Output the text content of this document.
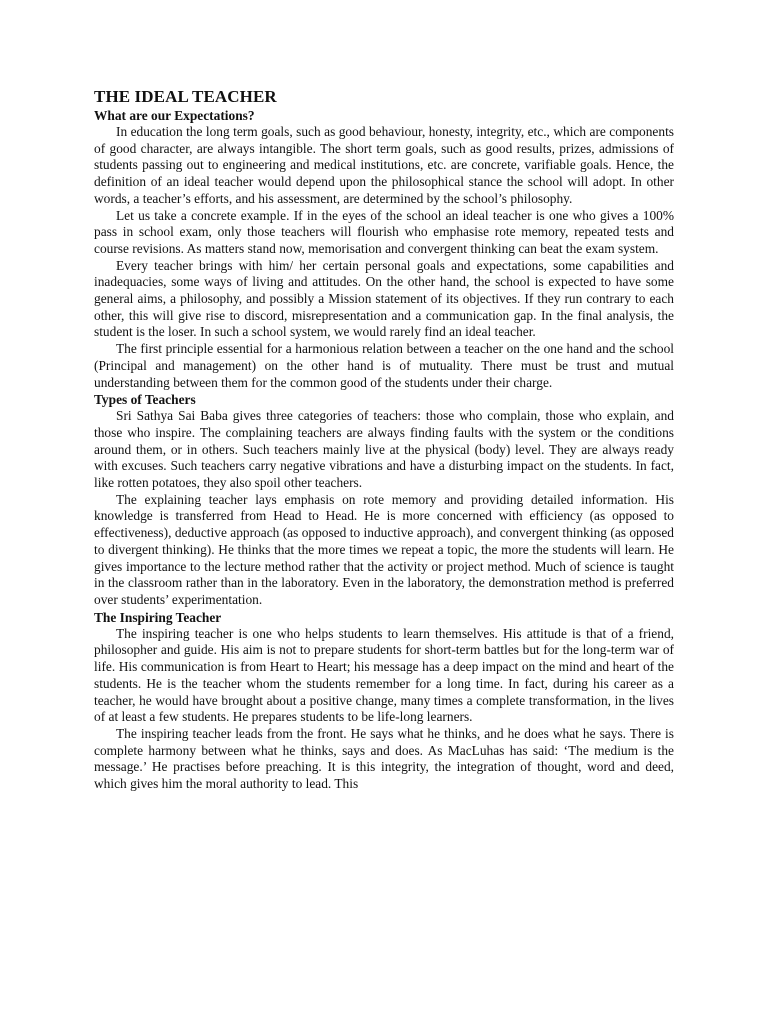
THE IDEAL TEACHER
What are our Expectations?

In education the long term goals, such as good behaviour, honesty, integrity, etc., which are components of good character, are always intangible. The short term goals, such as good results, prizes, admissions of students passing out to engineering and medical institutions, etc. are concrete, varifiable goals. Hence, the definition of an ideal teacher would depend upon the philosophical stance the school will adopt. In other words, a teacher’s efforts, and his assessment, are determined by the school’s philosophy.

Let us take a concrete example. If in the eyes of the school an ideal teacher is one who gives a 100% pass in school exam, only those teachers will flourish who emphasise rote memory, repeated tests and course revisions. As matters stand now, memorisation and convergent thinking can beat the exam system.

Every teacher brings with him/ her certain personal goals and expectations, some capabilities and inadequacies, some ways of living and attitudes. On the other hand, the school is expected to have some general aims, a philosophy, and possibly a Mission statement of its objectives. If they run contrary to each other, this will give rise to discord, misrepresentation and a communication gap. In the final analysis, the student is the loser. In such a school system, we would rarely find an ideal teacher.

The first principle essential for a harmonious relation between a teacher on the one hand and the school (Principal and management) on the other hand is of mutuality. There must be trust and mutual understanding between them for the common good of the students under their charge.

Types of Teachers

Sri Sathya Sai Baba gives three categories of teachers: those who complain, those who explain, and those who inspire. The complaining teachers are always finding faults with the system or the conditions around them, or in others. Such teachers mainly live at the physical (body) level. They are always ready with excuses. Such teachers carry negative vibrations and have a disturbing impact on the students. In fact, like rotten potatoes, they also spoil other teachers.

The explaining teacher lays emphasis on rote memory and providing detailed information. His knowledge is transferred from Head to Head. He is more concerned with efficiency (as opposed to effectiveness), deductive approach (as opposed to inductive approach), and convergent thinking (as opposed to divergent thinking). He thinks that the more times we repeat a topic, the more the students will learn. He gives importance to the lecture method rather that the activity or project method. Much of science is taught in the classroom rather than in the laboratory. Even in the laboratory, the demonstration method is preferred over students’ experimentation.

The Inspiring Teacher

The inspiring teacher is one who helps students to learn themselves. His attitude is that of a friend, philosopher and guide. His aim is not to prepare students for short-term battles but for the long-term war of life. His communication is from Heart to Heart; his message has a deep impact on the mind and heart of the students. He is the teacher whom the students remember for a long time. In fact, during his career as a teacher, he would have brought about a positive change, many times a complete transformation, in the lives of at least a few students. He prepares students to be life-long learners.

The inspiring teacher leads from the front. He says what he thinks, and he does what he says. There is complete harmony between what he thinks, says and does. As MacLuhas has said: ‘The medium is the message.’ He practises before preaching. It is this integrity, the integration of thought, word and deed, which gives him the moral authority to lead. This
